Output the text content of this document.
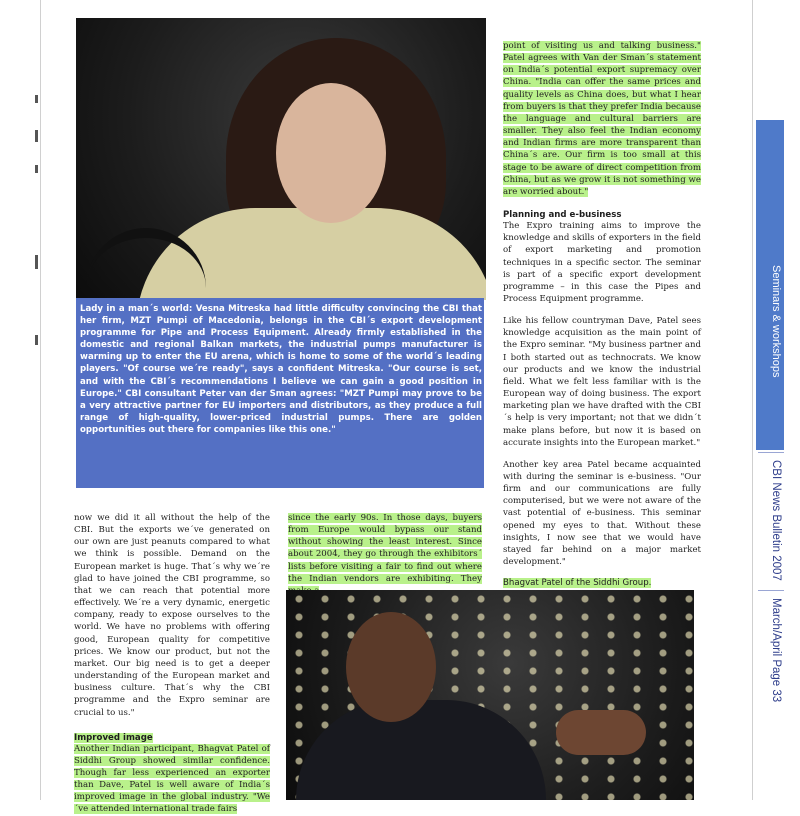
Lady in a man´s world: Vesna Mitreska had little difficulty convincing the CBI that her firm, MZT Pumpi of Macedonia, belongs in the CBI´s export development programme for Pipe and Process Equipment. Already firmly established in the domestic and regional Balkan markets, the industrial pumps manufacturer is warming up to enter the EU arena, which is home to some of the world´s leading players. "Of course we´re ready", says a confident Mitreska. "Our course is set, and with the CBI´s recommendations I believe we can gain a good position in Europe." CBI consultant Peter van der Sman agrees: "MZT Pumpi may prove to be a very attractive partner for EU importers and distributors, as they produce a full range of high-quality, lower-priced industrial pumps. There are golden opportunities out there for companies like this one."

now we did it all without the help of the CBI. But the exports we´ve generated on our own are just peanuts compared to what we think is possible. Demand on the European market is huge. That´s why we´re glad to have joined the CBI programme, so that we can reach that potential more effectively. We´re a very dynamic, energetic company, ready to expose ourselves to the world. We have no problems with offering good, European quality for competitive prices. We know our product, but not the market. Our big need is to get a deeper understanding of the European market and business culture. That´s why the CBI programme and the Expro seminar are crucial to us."

Improved image

Another Indian participant, Bhagvat Patel of Siddhi Group showed similar confidence. Though far less experienced an exporter than Dave, Patel is well aware of India´s improved image in the global industry. "We´ve attended international trade fairs

since the early 90s. In those days, buyers from Europe would bypass our stand without showing the least interest. Since about 2004, they go through the exhibitors´ lists before visiting a fair to find out where the Indian vendors are exhibiting. They

point of visiting us and talking business." Patel agrees with Van der Sman´s statement on India´s potential export supremacy over China. "India can offer the same prices and quality levels as China does, but what I hear from buyers is that they prefer India because the language and cultural barriers are smaller. They also feel the Indian economy and Indian firms are more transparent than China´s are. Our firm is too small at this stage to be aware of direct competition from China, but as we grow it is not something we are worried about."

Planning and e-business

The Expro training aims to improve the knowledge and skills of exporters in the field of export marketing and promotion techniques in a specific sector. The seminar is part of a specific export development programme – in this case the Pipes and Process Equipment programme.

Like his fellow countryman Dave, Patel sees knowledge acquisition as the main point of the Expro seminar. "My business partner and I both started out as technocrats. We know our products and we know the industrial field. What we felt less familiar with is the European way of doing business. The export marketing plan we have drafted with the CBI´s help is very important; not that we didn´t make plans before, but now it is based on accurate insights into the European market."

Another key area Patel became acquainted with during the seminar is e-business. "Our firm and our communications are fully computerised, but we were not aware of the vast potential of e-business. This seminar opened my eyes to that. Without these insights, I now see that we would have stayed far behind on a major market development."

Bhagvat Patel of the Siddhi Group.

Seminars & workshops
CBI News Bulletin 2007
March/April Page 33
